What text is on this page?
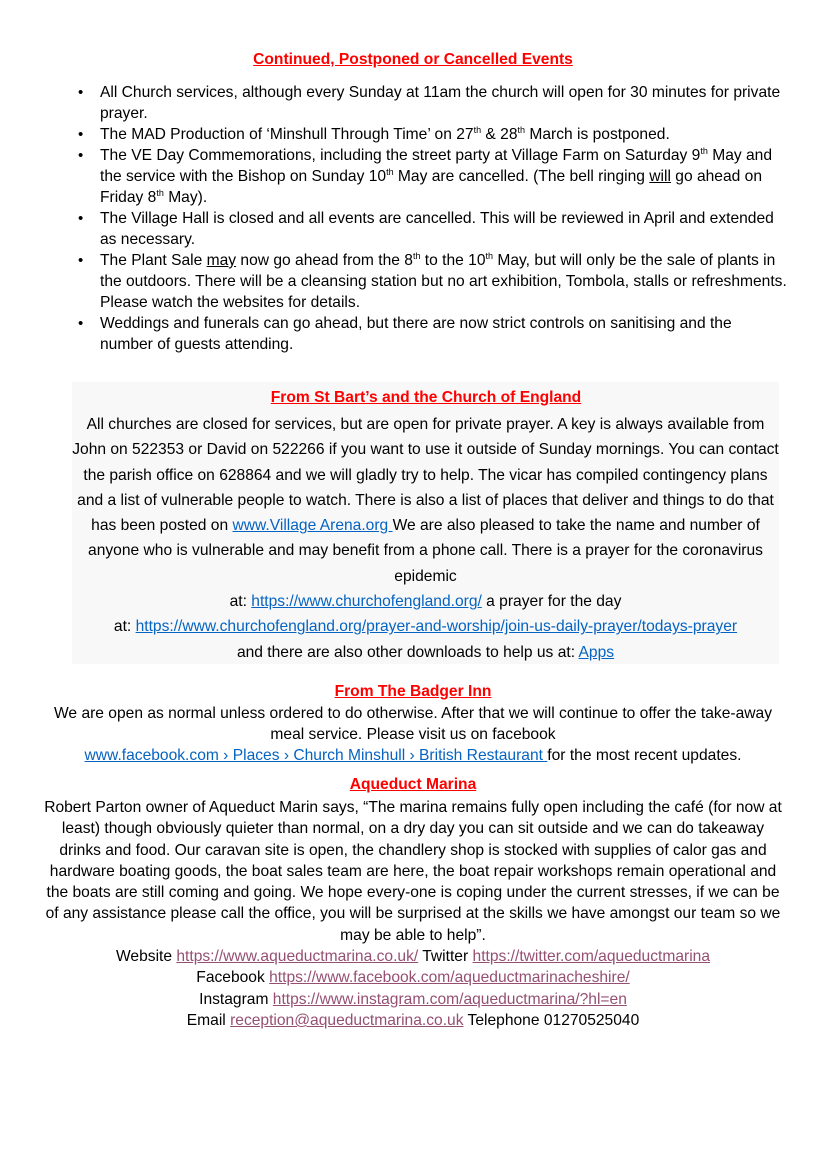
Continued, Postponed or Cancelled Events
• All Church services, although every Sunday at 11am the church will open for 30 minutes for private prayer.
• The MAD Production of ‘Minshull Through Time’ on 27th & 28th March is postponed.
• The VE Day Commemorations, including the street party at Village Farm on Saturday 9th May and the service with the Bishop on Sunday 10th May are cancelled. (The bell ringing will go ahead on Friday 8th May).
• The Village Hall is closed and all events are cancelled. This will be reviewed in April and extended as necessary.
• The Plant Sale may now go ahead from the 8th to the 10th May, but will only be the sale of plants in the outdoors. There will be a cleansing station but no art exhibition, Tombola, stalls or refreshments. Please watch the websites for details.
• Weddings and funerals can go ahead, but there are now strict controls on sanitising and the number of guests attending.
From St Bart’s and the Church of England
All churches are closed for services, but are open for private prayer. A key is always available from John on 522353 or David on 522266 if you want to use it outside of Sunday mornings. You can contact the parish office on 628864 and we will gladly try to help. The vicar has compiled contingency plans and a list of vulnerable people to watch. There is also a list of places that deliver and things to do that has been posted on www.Village Arena.org We are also pleased to take the name and number of anyone who is vulnerable and may benefit from a phone call. There is a prayer for the coronavirus epidemic
at: https://www.churchofengland.org/ a prayer for the day
at: https://www.churchofengland.org/prayer-and-worship/join-us-daily-prayer/todays-prayer
and there are also other downloads to help us at: Apps
From The Badger Inn
We are open as normal unless ordered to do otherwise. After that we will continue to offer the take-away meal service. Please visit us on facebook
www.facebook.com › Places › Church Minshull › British Restaurant for the most recent updates.
Aqueduct Marina
Robert Parton owner of Aqueduct Marin says, “The marina remains fully open including the café (for now at least) though obviously quieter than normal, on a dry day you can sit outside and we can do takeaway drinks and food. Our caravan site is open, the chandlery shop is stocked with supplies of calor gas and hardware boating goods, the boat sales team are here, the boat repair workshops remain operational and the boats are still coming and going. We hope every-one is coping under the current stresses, if we can be of any assistance please call the office, you will be surprised at the skills we have amongst our team so we may be able to help”.
Website https://www.aqueductmarina.co.uk/ Twitter https://twitter.com/aqueductmarina
Facebook https://www.facebook.com/aqueductmarinacheshire/
Instagram https://www.instagram.com/aqueductmarina/?hl=en
Email reception@aqueductmarina.co.uk Telephone 01270525040
